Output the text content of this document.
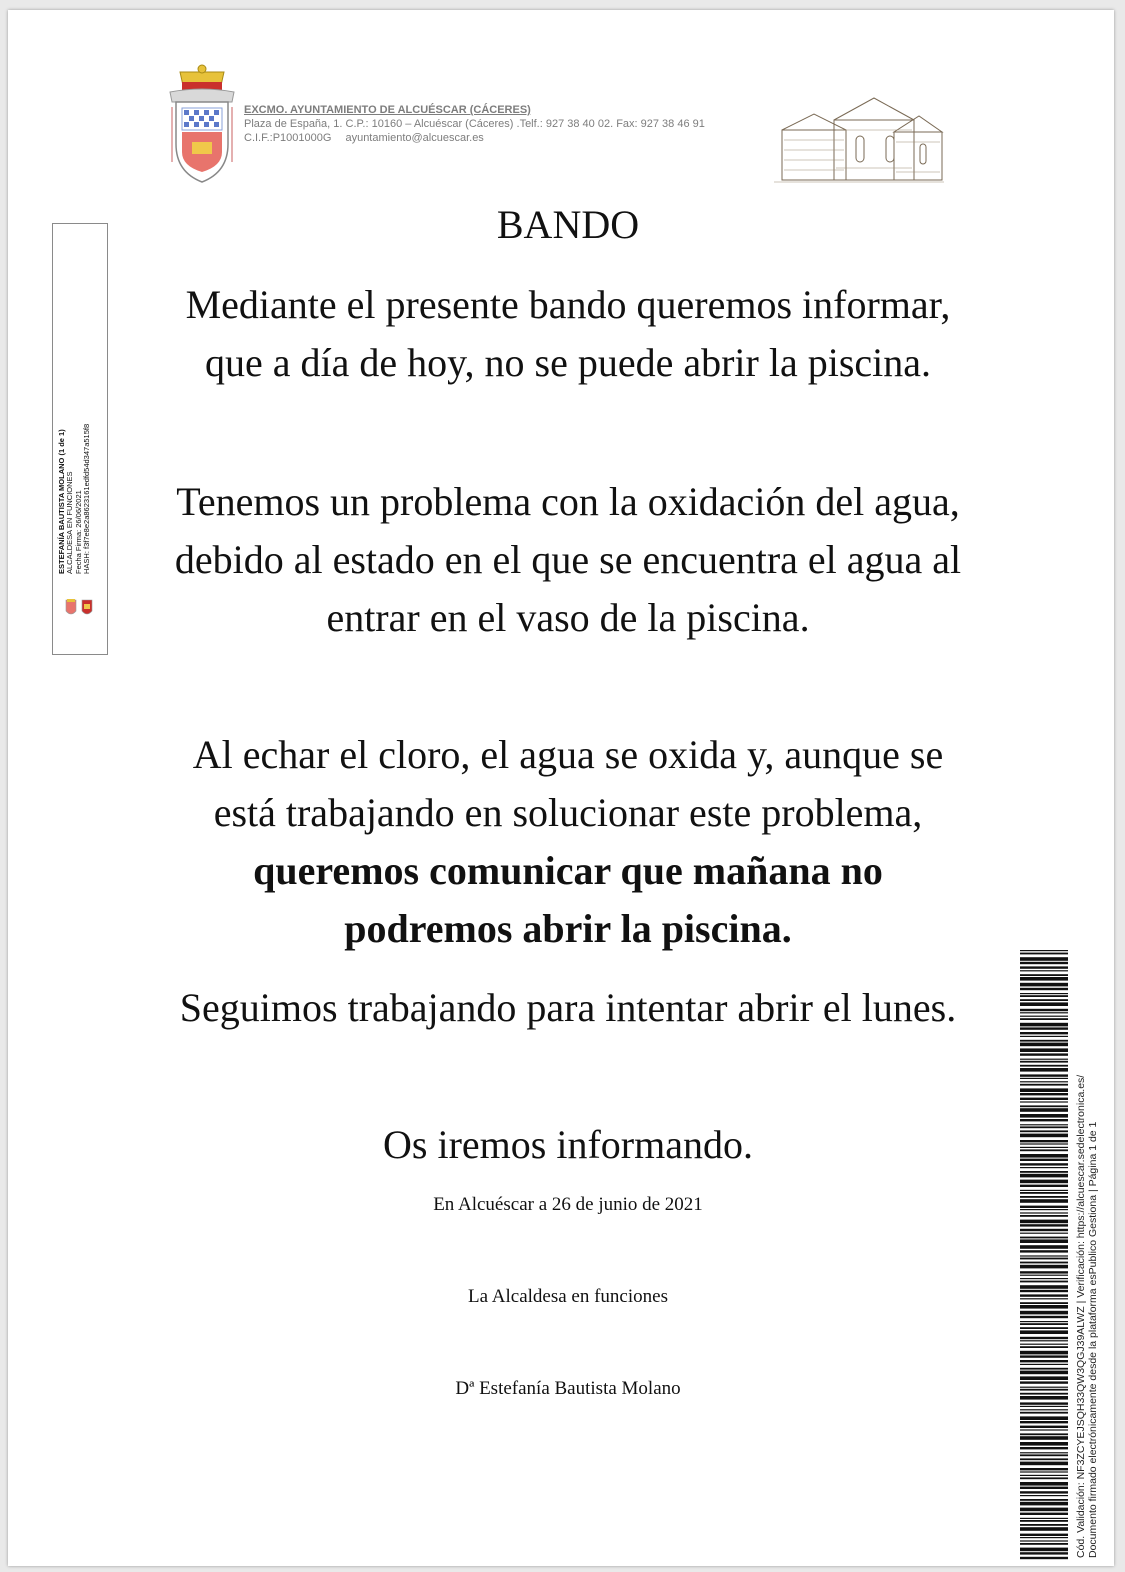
EXCMO. AYUNTAMIENTO DE ALCUÉSCAR (CÁCERES)
Plaza de España, 1. C.P.: 10160 – Alcuéscar (Cáceres) .Telf.: 927 38 40 02. Fax: 927 38 46 91
C.I.F.:P1001000G ayuntamiento@alcuescar.es
ESTEFANÍA BAUTISTA MOLANO (1 de 1) ALCALDESA EN FUNCIONES Fecha Firma: 26/06/2021 HASH: f3f7e8e2a8623161edfd54d347a515f8
BANDO
Mediante el presente bando queremos informar, que a día de hoy, no se puede abrir la piscina.
Tenemos un problema con la oxidación del agua, debido al estado en el que se encuentra el agua al entrar en el vaso de la piscina.
Al echar el cloro, el agua se oxida y, aunque se está trabajando en solucionar este problema, queremos comunicar que mañana no podremos abrir la piscina.
Seguimos trabajando para intentar abrir el lunes.
Os iremos informando.
En Alcuéscar a 26 de junio de 2021
La Alcaldesa en funciones
Dª Estefanía Bautista Molano	Cód. Validación: NF3ZCYEJSQH33QW3QGJ39ALWZ | Verificación: https://alcuescar.sedelectronica.es/ Documento firmado electrónicamente desde la plataforma esPublico Gestiona | Página 1 de 1
